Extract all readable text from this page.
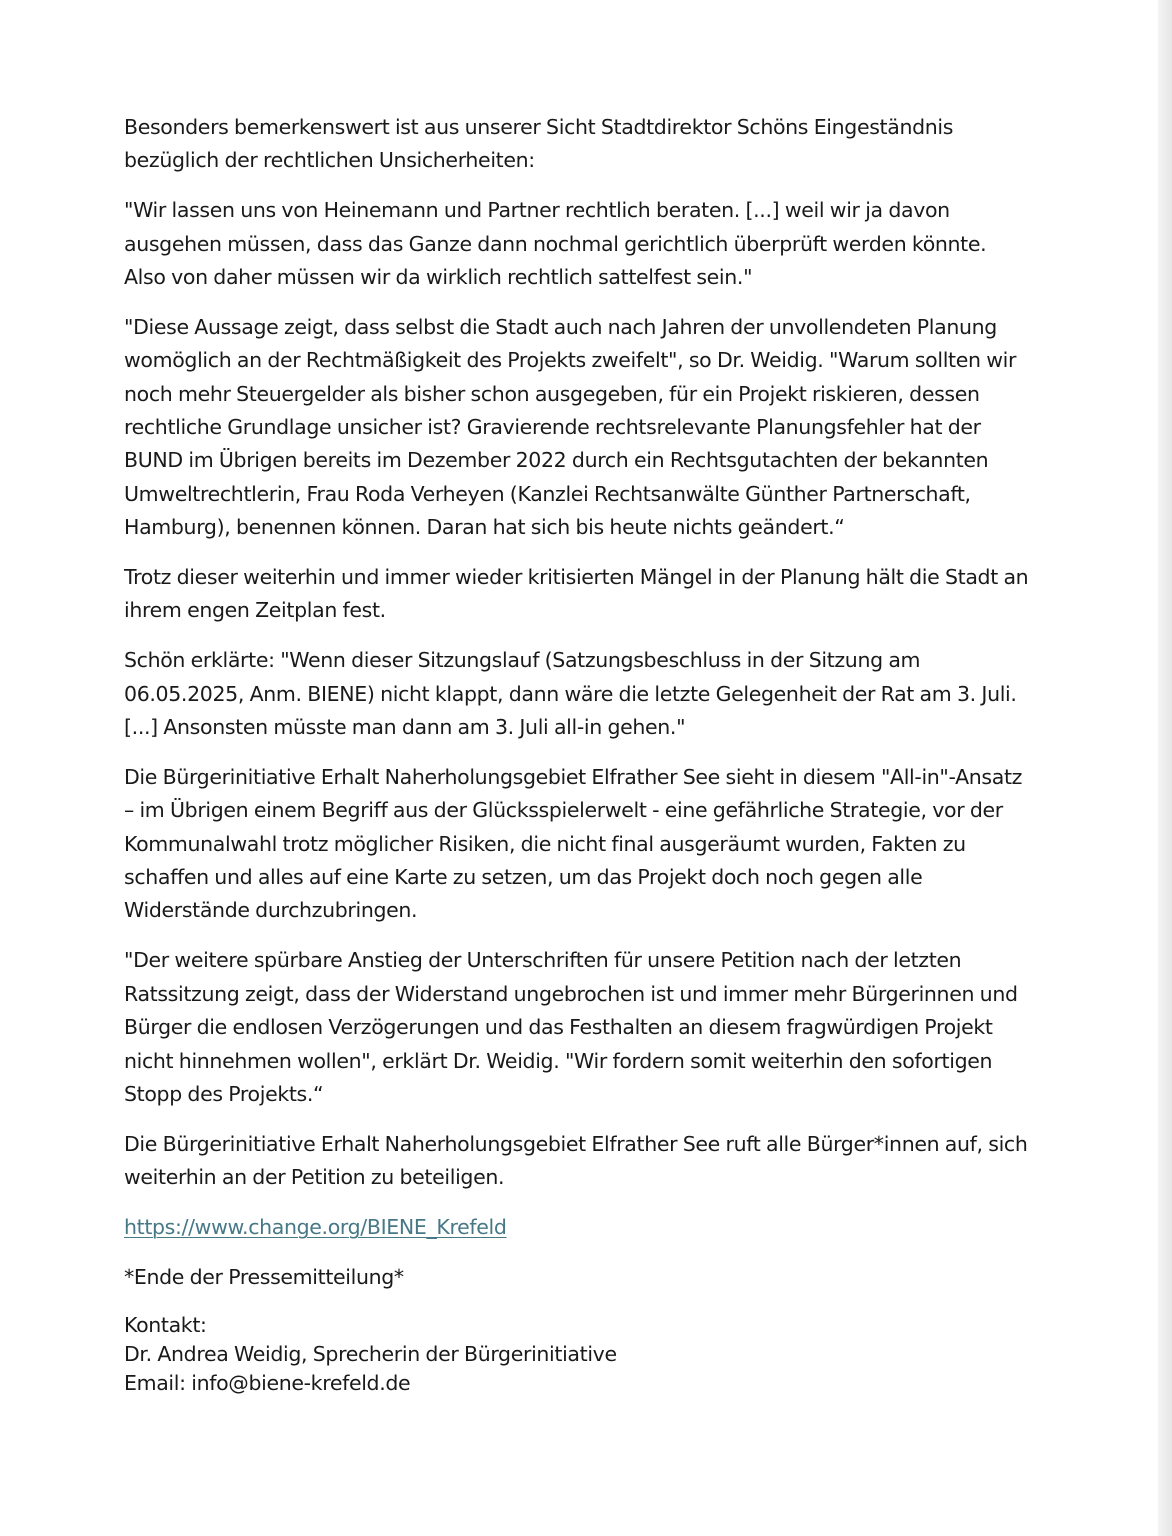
Besonders bemerkenswert ist aus unserer Sicht Stadtdirektor Schöns Eingeständnis bezüglich der rechtlichen Unsicherheiten:

"Wir lassen uns von Heinemann und Partner rechtlich beraten. [...] weil wir ja davon ausgehen müssen, dass das Ganze dann nochmal gerichtlich überprüft werden könnte. Also von daher müssen wir da wirklich rechtlich sattelfest sein."

"Diese Aussage zeigt, dass selbst die Stadt auch nach Jahren der unvollendeten Planung womöglich an der Rechtmäßigkeit des Projekts zweifelt", so Dr. Weidig. "Warum sollten wir noch mehr Steuergelder als bisher schon ausgegeben, für ein Projekt riskieren, dessen rechtliche Grundlage unsicher ist? Gravierende rechtsrelevante Planungsfehler hat der BUND im Übrigen bereits im Dezember 2022 durch ein Rechtsgutachten der bekannten Umweltrechtlerin, Frau Roda Verheyen (Kanzlei Rechtsanwälte Günther Partnerschaft, Hamburg), benennen können. Daran hat sich bis heute nichts geändert.“

Trotz dieser weiterhin und immer wieder kritisierten Mängel in der Planung hält die Stadt an ihrem engen Zeitplan fest.

Schön erklärte: "Wenn dieser Sitzungslauf (Satzungsbeschluss in der Sitzung am 06.05.2025, Anm. BIENE) nicht klappt, dann wäre die letzte Gelegenheit der Rat am 3. Juli. [...] Ansonsten müsste man dann am 3. Juli all-in gehen."

Die Bürgerinitiative Erhalt Naherholungsgebiet Elfrather See sieht in diesem "All-in"-Ansatz – im Übrigen einem Begriff aus der Glücksspielerwelt - eine gefährliche Strategie, vor der Kommunalwahl trotz möglicher Risiken, die nicht final ausgeräumt wurden, Fakten zu schaffen und alles auf eine Karte zu setzen, um das Projekt doch noch gegen alle Widerstände durchzubringen.

"Der weitere spürbare Anstieg der Unterschriften für unsere Petition nach der letzten Ratssitzung zeigt, dass der Widerstand ungebrochen ist und immer mehr Bürgerinnen und Bürger die endlosen Verzögerungen und das Festhalten an diesem fragwürdigen Projekt nicht hinnehmen wollen", erklärt Dr. Weidig. "Wir fordern somit weiterhin den sofortigen Stopp des Projekts.“

Die Bürgerinitiative Erhalt Naherholungsgebiet Elfrather See ruft alle Bürger*innen auf, sich weiterhin an der Petition zu beteiligen.

https://www.change.org/BIENE_Krefeld

*Ende der Pressemitteilung*

Kontakt:
Dr. Andrea Weidig, Sprecherin der Bürgerinitiative
Email: info@biene-krefeld.de
